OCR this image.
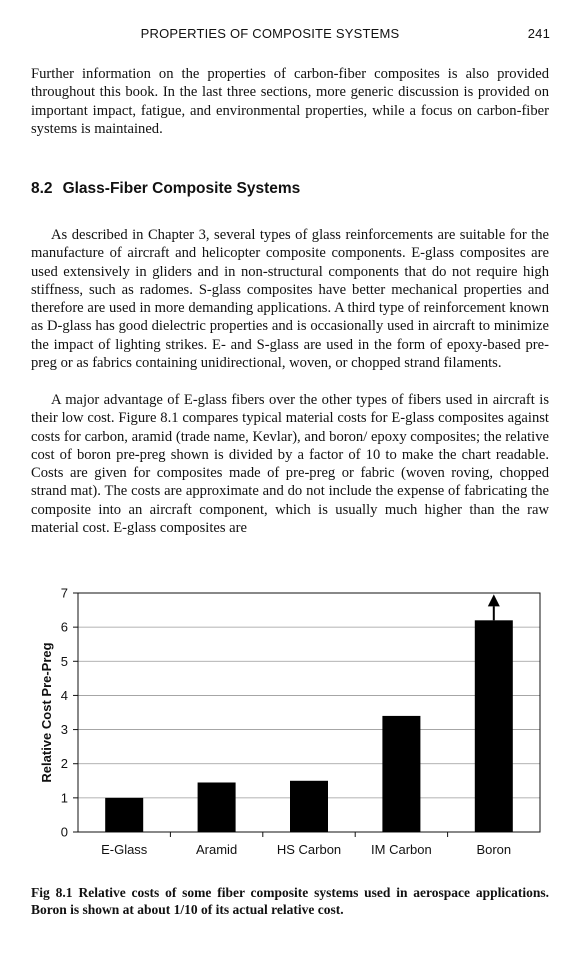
PROPERTIES OF COMPOSITE SYSTEMS	241

Further information on the properties of carbon-fiber composites is also provided throughout this book. In the last three sections, more generic discussion is provided on important impact, fatigue, and environmental properties, while a focus on carbon-fiber systems is maintained.

8.2 Glass-Fiber Composite Systems

As described in Chapter 3, several types of glass reinforcements are suitable for the manufacture of aircraft and helicopter composite components. E-glass composites are used extensively in gliders and in non-structural components that do not require high stiffness, such as radomes. S-glass composites have better mechanical properties and therefore are used in more demanding applications. A third type of reinforcement known as D-glass has good dielectric properties and is occasionally used in aircraft to minimize the impact of lighting strikes. E- and S-glass are used in the form of epoxy-based pre-preg or as fabrics containing unidirectional, woven, or chopped strand filaments.

A major advantage of E-glass fibers over the other types of fibers used in aircraft is their low cost. Figure 8.1 compares typical material costs for E-glass composites against costs for carbon, aramid (trade name, Kevlar), and boron/ epoxy composites; the relative cost of boron pre-preg shown is divided by a factor of 10 to make the chart readable. Costs are given for composites made of pre-preg or fabric (woven roving, chopped strand mat). The costs are approximate and do not include the expense of fabricating the composite into an aircraft component, which is usually much higher than the raw material cost. E-glass composites are

0
1
2
3
4
5
6
7
E-Glass	Aramid	HS Carbon IM Carbon	Boron
Relative Cost Pre-Preg

Fig 8.1 Relative costs of some fiber composite systems used in aerospace applications. Boron is shown at about 1/10 of its actual relative cost.
